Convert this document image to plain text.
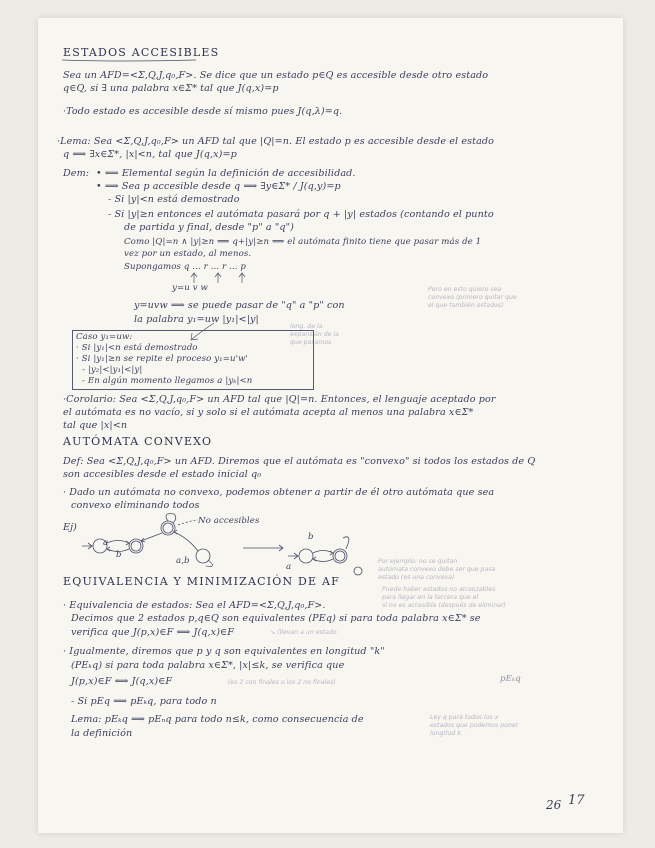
ESTADOS ACCESIBLES
Sea un AFD=<Σ,Q,J,q₀,F>. Se dice que un estado p∈Q es accesible desde otro estado
q∈Q, si ∃ una palabra x∈Σ* tal que J(q,x)=p
·Todo estado es accesible desde sí mismo pues J(q,λ)=q.
·Lema: Sea <Σ,Q,J,q₀,F> un AFD tal que |Q|=n. El estado p es accesible desde el estado
q ⟺ ∃x∈Σ*, |x|<n, tal que J(q,x)=p
Dem: • ⟸ Elemental según la definición de accesibilidad.
• ⟹ Sea p accesible desde q ⟹ ∃y∈Σ* / J(q,y)=p
- Si |y|<n está demostrado
- Si |y|≥n entonces el autómata pasará por q + |y| estados (contando el punto
de partida y final, desde "p" a "q")
Como |Q|=n ∧ |y|≥n ⟹ q+|y|≥n ⟹ el autómata finito tiene que pasar más de 1
vez por un estado, al menos.
Supongamos q ... r ... r ... p
y=u v w
y=uvw ⟹ se puede pasar de "q" a "p" con
la palabra y₁=uw |y₁|<|y|
long. de la
expansión de la
que pasamos
Caso y₁=uw:
· Si |y₁|<n está demostrado
· Si |y₁|≥n se repite el proceso y₁=u'w'
- |y₂|<|y₁|<|y|
- En algún momento llegamos a |yₖ|<n
·Corolario: Sea <Σ,Q,J,q₀,F> un AFD tal que |Q|=n. Entonces, el lenguaje aceptado por
el autómata es no vacío, si y solo si el autómata acepta al menos una palabra x∈Σ*
tal que |x|<n
AUTÓMATA CONVEXO
Def: Sea <Σ,Q,J,q₀,F> un AFD. Diremos que el autómata es "convexo" si todos los estados de Q
son accesibles desde el estado inicial q₀
· Dado un autómata no convexo, podemos obtener a partir de él otro autómata que sea
convexo eliminando todos
Ej)
No accesibles
a
b
a,b
b
a
Pero en esto quiero sea
convexo (primero quitar que
el que también estados)
Por ejemplo: no se quitan
autómata convexo debe ser que pasa
estado (es una convexa)
Puede haber estados no alcanzables
para llegar en la tercera que el
si no es accesible (después de eliminar)
EQUIVALENCIA Y MINIMIZACIÓN DE AF
· Equivalencia de estados: Sea el AFD=<Σ,Q,J,q₀,F>.
Decimos que 2 estados p,q∈Q son equivalentes (PEq) si para toda palabra x∈Σ* se
verifica que J(p,x)∈F ⟺ J(q,x)∈F	↘ (llevan a un estado
· Igualmente, diremos que p y q son equivalentes en longitud "k"
(PEₖq) si para toda palabra x∈Σ*, |x|≤k, se verifica que
J(p,x)∈F ⟺ J(q,x)∈F	(es 2 con finales o los 2 no finales)	pEₖq
- Si pEq ⟹ pEₖq, para todo n
Lema: pEₖq ⟹ pEₙq para todo n≤k, como consecuencia de
la definición
Ley q para todos los x
estados que podemos poner
longitud k
26 17
